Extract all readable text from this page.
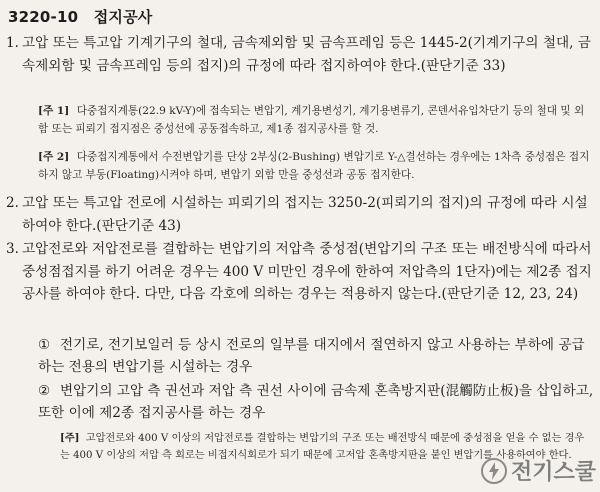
3220-10 접지공사
1. 고압 또는 특고압 기계기구의 철대, 금속제외함 및 금속프레임 등은 1445-2(기계기구의 철대, 금속제외함 및 금속프레임 등의 접지)의 규정에 따라 접지하여야 한다.(판단기준 33)
[주 1] 다중접지계통(22.9 kV-Y)에 접속되는 변압기, 계기용변성기, 계기용변류기, 콘덴서유입차단기 등의 철대 및 외함 또는 피뢰기 접지점은 중성선에 공동접속하고, 제1종 접지공사를 할 것.
[주 2] 다중접지계통에서 수전변압기를 단상 2부싱(2-Bushing) 변압기로 Y-△결선하는 경우에는 1차측 중성점은 접지하지 않고 부동(Floating)시켜야 하며, 변압기 외함 만을 중성선과 공동 접지한다.
2. 고압 또는 특고압 전로에 시설하는 피뢰기의 접지는 3250-2(피뢰기의 접지)의 규정에 따라 시설하여야 한다.(판단기준 43)
3. 고압전로와 저압전로를 결합하는 변압기의 저압측 중성점(변압기의 구조 또는 배전방식에 따라서 중성점접지를 하기 어려운 경우는 400 V 미만인 경우에 한하여 저압측의 1단자)에는 제2종 접지공사를 하여야 한다. 다만, 다음 각호에 의하는 경우는 적용하지 않는다.(판단기준 12, 23, 24)
① 전기로, 전기보일러 등 상시 전로의 일부를 대지에서 절연하지 않고 사용하는 부하에 공급하는 전용의 변압기를 시설하는 경우
② 변압기의 고압 측 권선과 저압 측 권선 사이에 금속제 혼촉방지판(混觸防止板)을 삽입하고, 또한 이에 제2종 접지공사를 하는 경우
[주] 고압전로와 400 V 이상의 저압전로를 결합하는 변압기의 구조 또는 배전방식 때문에 중성점을 얻을 수 없는 경우는 400 V 이상의 저압 측 회로는 비접지식회로가 되기 때문에 고저압 혼촉방지판을 붙인 변압기를 사용하여야 한다.
전기스쿨
